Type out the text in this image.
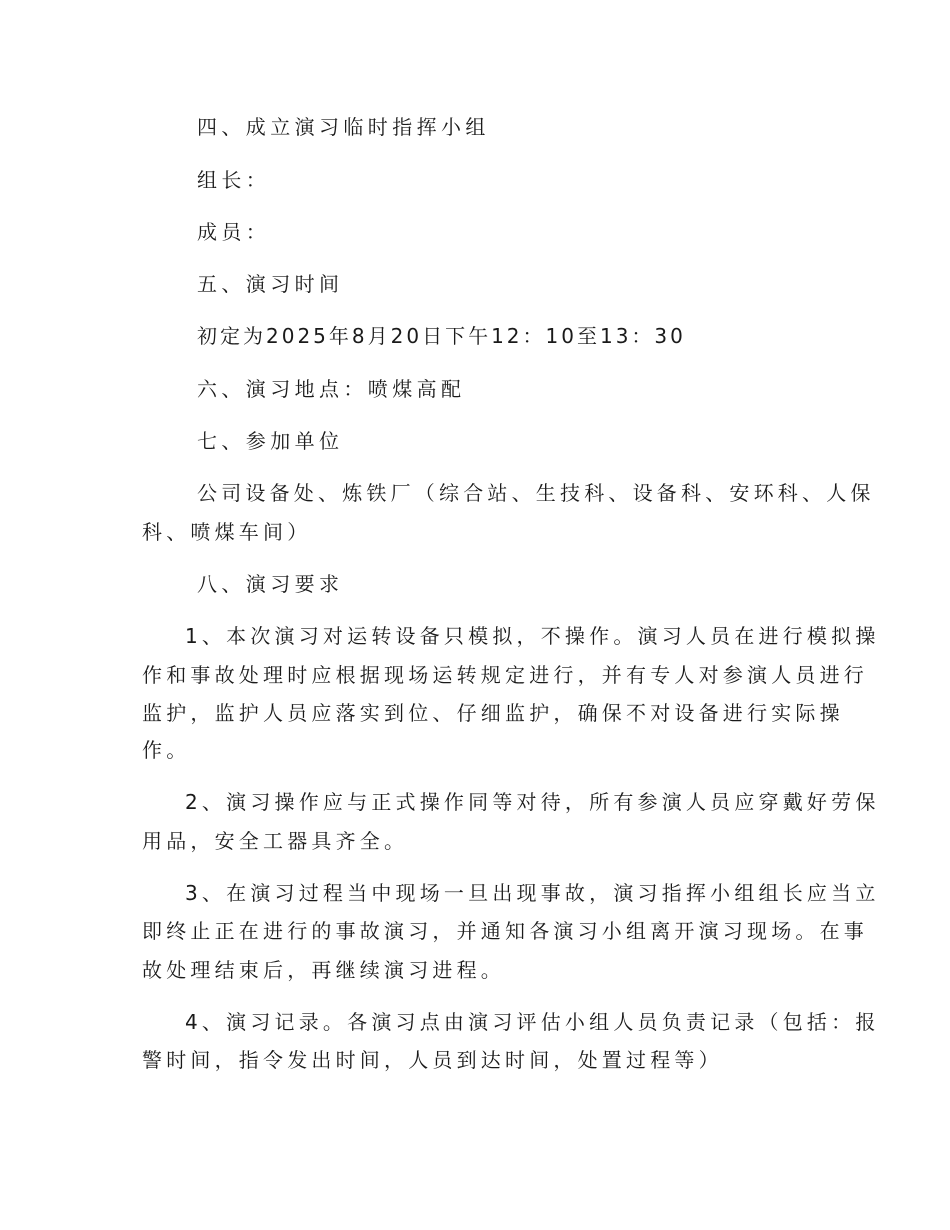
四、成立演习临时指挥小组
组长：
成员：
五、演习时间
初定为2025年8月20日下午12：10至13：30
六、演习地点：喷煤高配
七、参加单位
公司设备处、炼铁厂（综合站、生技科、设备科、安环科、人保
科、喷煤车间）
八、演习要求
1、本次演习对运转设备只模拟，不操作。演习人员在进行模拟操
作和事故处理时应根据现场运转规定进行，并有专人对参演人员进行
监护，监护人员应落实到位、仔细监护，确保不对设备进行实际操
作。
2、演习操作应与正式操作同等对待，所有参演人员应穿戴好劳保
用品，安全工器具齐全。
3、在演习过程当中现场一旦出现事故，演习指挥小组组长应当立
即终止正在进行的事故演习，并通知各演习小组离开演习现场。在事
故处理结束后，再继续演习进程。
4、演习记录。各演习点由演习评估小组人员负责记录（包括：报
警时间，指令发出时间，人员到达时间，处置过程等）
